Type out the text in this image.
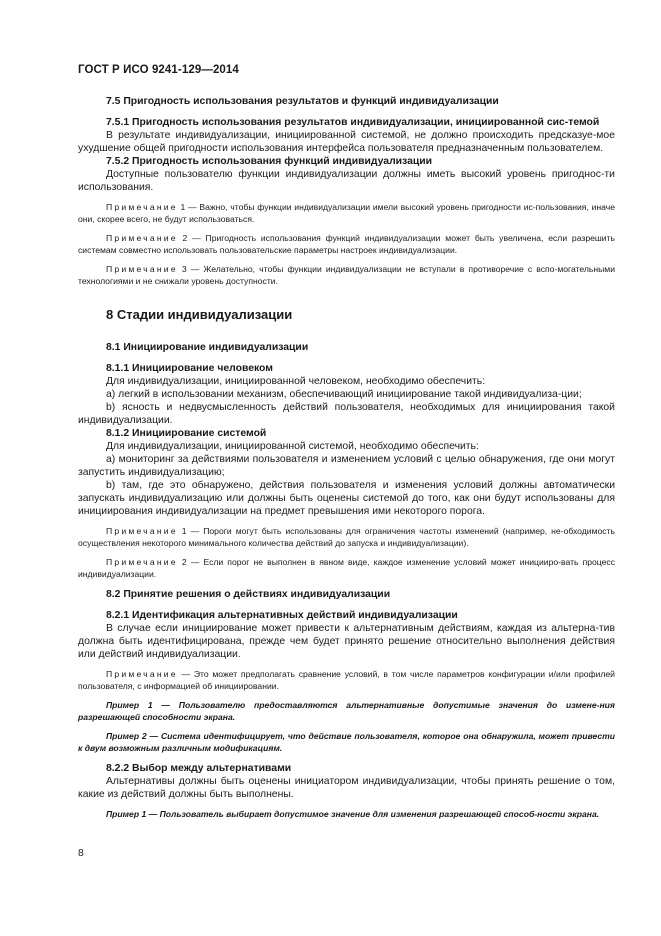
ГОСТ Р ИСО 9241-129—2014

7.5 Пригодность использования результатов и функций индивидуализации

7.5.1 Пригодность использования результатов индивидуализации, инициированной сис-темой

В результате индивидуализации, инициированной системой, не должно происходить предсказуе-мое ухудшение общей пригодности использования интерфейса пользователя предназначенным пользователем.

7.5.2 Пригодность использования функций индивидуализации

Доступные пользователю функции индивидуализации должны иметь высокий уровень пригоднос-ти использования.

Примечание 1 — Важно, чтобы функции индивидуализации имели высокий уровень пригодности ис-пользования, иначе они, скорее всего, не будут использоваться.

Примечание 2 — Пригодность использования функций индивидуализации может быть увеличена, если разрешить системам совместно использовать пользовательские параметры настроек индивидуализации.

Примечание 3 — Желательно, чтобы функции индивидуализации не вступали в противоречие с вспо-могательными технологиями и не снижали уровень доступности.

8 Стадии индивидуализации

8.1 Инициирование индивидуализации

8.1.1 Инициирование человеком

Для индивидуализации, инициированной человеком, необходимо обеспечить:

a) легкий в использовании механизм, обеспечивающий инициирование такой индивидуализа-ции;

b) ясность и недвусмысленность действий пользователя, необходимых для инициирования такой индивидуализации.

8.1.2 Инициирование системой

Для индивидуализации, инициированной системой, необходимо обеспечить:

a) мониторинг за действиями пользователя и изменением условий с целью обнаружения, где они могут запустить индивидуализацию;

b) там, где это обнаружено, действия пользователя и изменения условий должны автоматически запускать индивидуализацию или должны быть оценены системой до того, как они будут использованы для инициирования индивидуализации на предмет превышения ими некоторого порога.

Примечание 1 — Пороги могут быть использованы для ограничения частоты изменений (например, не-обходимость осуществления некоторого минимального количества действий до запуска и индивидуализации).

Примечание 2 — Если порог не выполнен в явном виде, каждое изменение условий может иницииро-вать процесс индивидуализации.

8.2 Принятие решения о действиях индивидуализации

8.2.1 Идентификация альтернативных действий индивидуализации

В случае если инициирование может привести к альтернативным действиям, каждая из альтерна-тив должна быть идентифицирована, прежде чем будет принято решение относительно выполнения действия или действий индивидуализации.

Примечание — Это может предполагать сравнение условий, в том числе параметров конфигурации и/или профилей пользователя, с информацией об инициировании.

Пример 1 — Пользователю предоставляются альтернативные допустимые значения до измене-ния разрешающей способности экрана.

Пример 2 — Система идентифицирует, что действие пользователя, которое она обнаружила, может привести к двум возможным различным модификациям.

8.2.2 Выбор между альтернативами

Альтернативы должны быть оценены инициатором индивидуализации, чтобы принять решение о том, какие из действий должны быть выполнены.

Пример 1 — Пользователь выбирает допустимое значение для изменения разрешающей способ-ности экрана.

8
